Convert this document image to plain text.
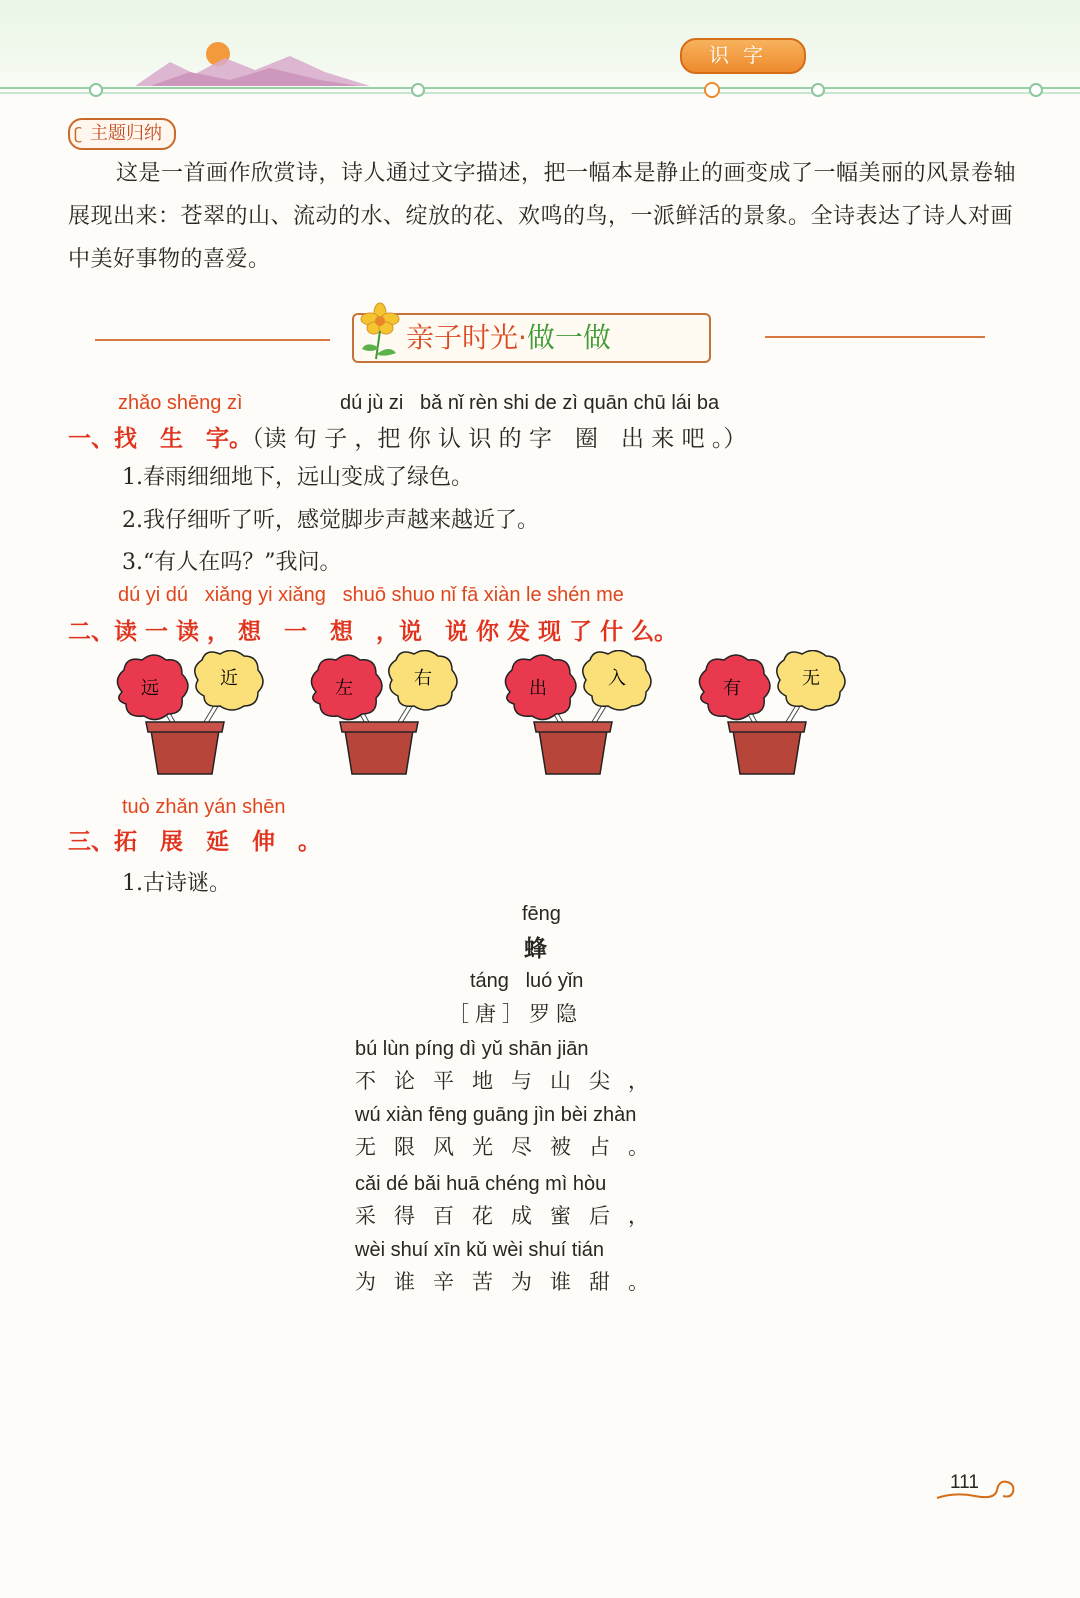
识字
ʗ 主题归纳
这是一首画作欣赏诗，诗人通过文字描述，把一幅本是静止的画变成了一幅美丽的风景卷轴展现出来：苍翠的山、流动的水、绽放的花、欢鸣的鸟，一派鲜活的景象。全诗表达了诗人对画中美好事物的喜爱。
亲子时光·做一做
zhǎo shēng zì	dú jù zi   bǎ nǐ rèn shi de zì quān chū lái ba
一、找　生　字。（读 句 子 ，把 你 认 识 的 字　圈　出 来 吧 。）
1.春雨细细地下，远山变成了绿色。
2.我仔细听了听，感觉脚步声越来越近了。
3.“有人在吗？”我问。
dú yi dú   xiǎng yi xiǎng   shuō shuo nǐ fā xiàn le shén me
二、读 一 读 ， 想　一　想　，说　说 你 发 现 了 什 么。
远	近	左	右	出	入	有	无
tuò zhǎn yán shēn
三、拓　展　延　伸　。
1.古诗谜。
fēng
蜂
táng   luó yǐn
［唐］罗隐
bú lùn píng dì yǔ shān jiān
不论平地与山尖，
wú xiàn fēng guāng jìn bèi zhàn
无限风光尽被占。
cǎi dé bǎi huā chéng mì hòu
采得百花成蜜后，
wèi shuí xīn kǔ wèi shuí tián
为谁辛苦为谁甜。
111
